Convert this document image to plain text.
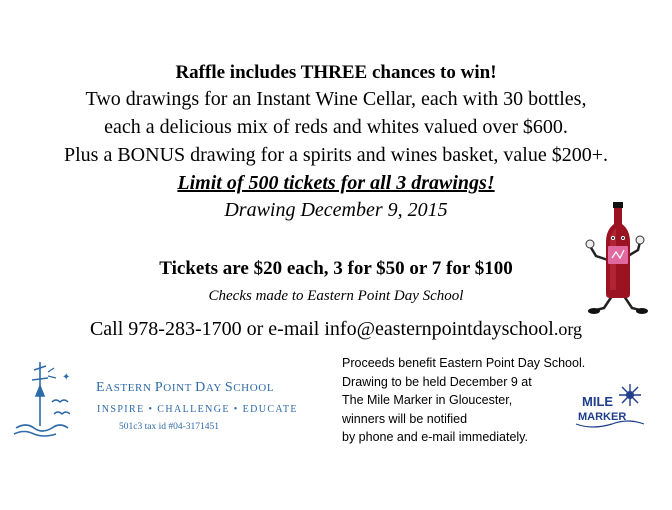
Raffle includes THREE chances to win!
Two drawings for an Instant Wine Cellar, each with 30 bottles,
each a delicious mix of reds and whites valued over $600.
Plus a BONUS drawing for a spirits and wines basket, value $200+.
Limit of 500 tickets for all 3 drawings!
Drawing December 9, 2015
Tickets are $20 each, 3 for $50 or 7 for $100
Checks made to Eastern Point Day School
Call 978-283-1700 or e-mail info@easternpointdayschool.org
✦
EASTERN POINT DAY SCHOOL
INSPIRE • CHALLENGE • EDUCATE
501c3 tax id #04-3171451
Proceeds benefit Eastern Point Day School.
Drawing to be held December 9 at
The Mile Marker in Gloucester,
winners will be notified
by phone and e-mail immediately.
MILE
MARKER
